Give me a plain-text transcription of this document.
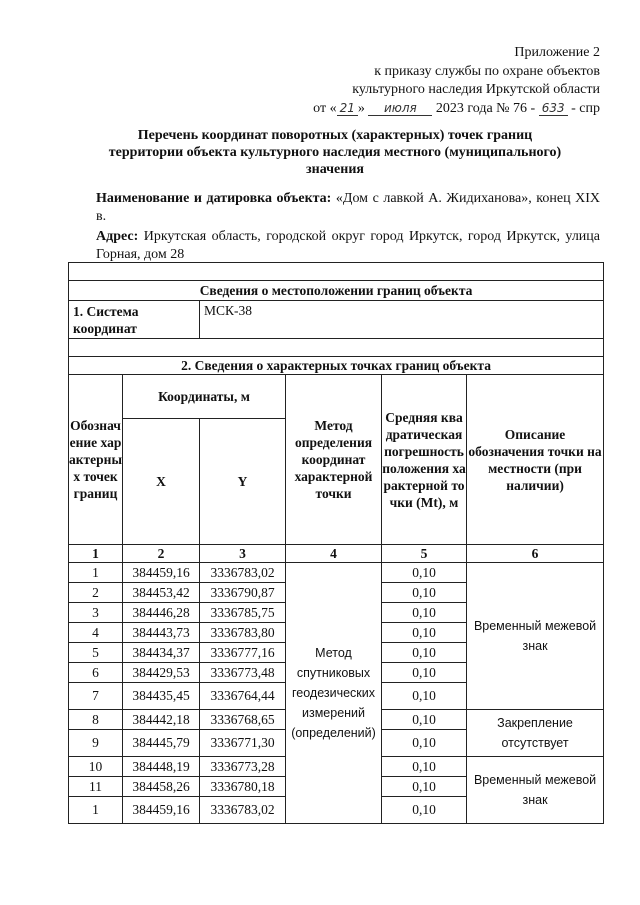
Приложение 2
к приказу службы по охране объектов
культурного наследия Иркутской области
от « 21 » июля 2023 года № 76 - 633 - спр
Перечень координат поворотных (характерных) точек границ
территории объекта культурного наследия местного (муниципального)
значения
Наименование и датировка объекта: «Дом с лавкой А. Жидиханова», конец XIX в.
Адрес: Иркутская область, городской округ город Иркутск, город Иркутск, улица Горная, дом 28

Сведения о местоположении границ объекта					
1. Система координат		МСК-38			

2. Сведения о характерных точках границ объекта					
Обозначение характерных точек границ	Координаты, м		Метод определения координат характерной точки	Средняя квадратическая погрешность положения характерной точки (Mt), м	Описание обозначения точки на местности (при наличии)
	X	Y			
1	2	3	4	5	6
1	384459,16	3336783,02	Метод спутниковых геодезических измерений (определений)	0,10	Временный межевой знак
2	384453,42	3336790,87		0,10	
3	384446,28	3336785,75		0,10	
4	384443,73	3336783,80		0,10	
5	384434,37	3336777,16		0,10	
6	384429,53	3336773,48		0,10	
7	384435,45	3336764,44		0,10	
8	384442,18	3336768,65		0,10	Закрепление отсутствует
9	384445,79	3336771,30		0,10	
10	384448,19	3336773,28		0,10	Временный межевой знак
11	384458,26	3336780,18		0,10	
1	384459,16	3336783,02		0,10	
